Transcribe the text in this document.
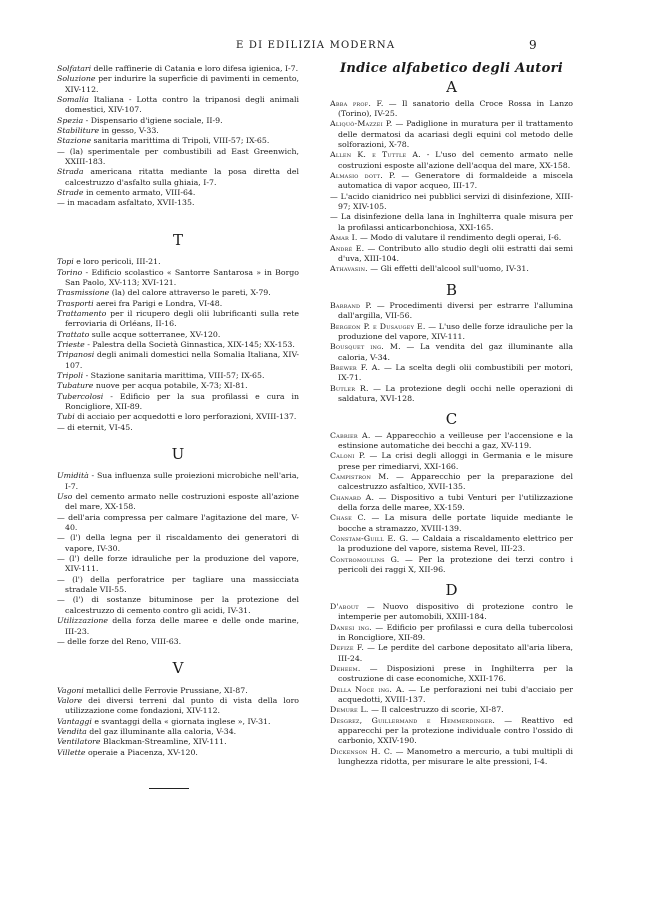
E DI EDILIZIA MODERNA	9

Solfatari delle raffinerie di Catania e loro difesa igienica, I-7.

Soluzione per indurire la superficie di pavimenti in cemento, XIV-112.

Somalia Italiana - Lotta contro la tripanosi degli animali domestici, XIV-107.

Spezia - Dispensario d'igiene sociale, II-9.

Stabiliture in gesso, V-33.

Stazione sanitaria marittima di Tripoli, VIII-57; IX-65.

— (la) sperimentale per combustibili ad East Greenwich, XXIII-183.

Strada americana ritatta mediante la posa diretta del calcestruzzo d'asfalto sulla ghiaia, I-7.

Strade in cemento armato, VIII-64.

— in macadam asfaltato, XVII-135.

T

Topi e loro pericoli, III-21.

Torino - Edificio scolastico « Santorre Santarosa » in Borgo San Paolo, XV-113; XVI-121.

Trasmissione (la) del calore attraverso le pareti, X-79.

Trasporti aerei fra Parigi e Londra, VI-48.

Trattamento per il ricupero degli olii lubrificanti sulla rete ferroviaria di Orléans, II-16.

Trattato sulle acque sotterranee, XV-120.

Trieste - Palestra della Società Ginnastica, XIX-145; XX-153.

Tripanosi degli animali domestici nella Somalia Italiana, XIV-107.

Tripoli - Stazione sanitaria marittima, VIII-57; IX-65.

Tubature nuove per acqua potabile, X-73; XI-81.

Tubercolosi - Edificio per la sua profilassi e cura in Roncigliore, XII-89.

Tubi di acciaio per acquedotti e loro perforazioni, XVIII-137.

— di eternit, VI-45.

U

Umidità - Sua influenza sulle proiezioni microbiche nell'aria, I-7.

Uso del cemento armato nelle costruzioni esposte all'azione del mare, XX-158.

— dell'aria compressa per calmare l'agitazione del mare, V-40.

— (l') della legna per il riscaldamento dei generatori di vapore, IV-30.

— (l') delle forze idrauliche per la produzione del vapore, XIV-111.

— (l') della perforatrice per tagliare una massicciata stradale VII-55.

— (l') di sostanze bituminose per la protezione del calcestruzzo di cemento contro gli acidi, IV-31.

Utilizzazione della forza delle maree e delle onde marine, III-23.

— delle forze del Reno, VIII-63.

V

Vagoni metallici delle Ferrovie Prussiane, XI-87.

Valore dei diversi terreni dal punto di vista della loro utilizzazione come fondazioni, XIV-112.

Vantaggi e svantaggi della « giornata inglese », IV-31.

Vendita del gaz illuminante alla caloria, V-34.

Ventilatore Blackman-Streamline, XIV-111.

Villette operaie a Piacenza, XV-120.

Indice alfabetico degli Autori
A

Abba prof. F. — Il sanatorio della Croce Rossa in Lanzo (Torino), IV-25.

Aliquò-Mazzei P. — Padiglione in muratura per il trattamento delle dermatosi da acariasi degli equini col metodo delle solforazioni, X-78.

Allen K. e Tuttle A. - L'uso del cemento armato nelle costruzioni esposte all'azione dell'acqua del mare, XX-158.

Almasio dott. P. — Generatore di formaldeide a miscela automatica di vapor acqueo, III-17.

— L'acido cianidrico nei pubblici servizi di disinfezione, XIII-97; XIV-105.

— La disinfezione della lana in Inghilterra quale misura per la profilassi anticarbonchiosa, XXI-165.

Amar I. — Modo di valutare il rendimento degli operai, I-6.

André E. — Contributo allo studio degli olii estratti dai semi d'uva, XIII-104.

Athavasin. — Gli effetti dell'alcool sull'uomo, IV-31.

B

Barrand P. — Procedimenti diversi per estrarre l'allumina dall'argilla, VII-56.

Bergeon P. e Dusaugey E. — L'uso delle forze idrauliche per la produzione del vapore, XIV-111.

Bousquet ing. M. — La vendita del gaz illuminante alla caloria, V-34.

Brewer F. A. — La scelta degli olii combustibili per motori, IX-71.

Butler R. — La protezione degli occhi nelle operazioni di saldatura, XVI-128.

C

Cabrier A. — Apparecchio a veilleuse per l'accensione e la estinsione automatiche dei becchi a gaz, XV-119.

Caloni P. — La crisi degli alloggi in Germania e le misure prese per rimediarvi, XXI-166.

Campistron M. — Apparecchio per la preparazione del calcestruzzo asfaltico, XVII-135.

Chanard A. — Dispositivo a tubi Venturi per l'utilizzazione della forza delle maree, XX-159.

Chase C. — La misura delle portate liquide mediante le bocche a stramazzo, XVIII-139.

Constam-Guill E. G. — Caldaia a riscaldamento elettrico per la produzione del vapore, sistema Revel, III-23.

Contromoulins G. — Per la protezione dei terzi contro i pericoli dei raggi X, XII-96.

D

D'about — Nuovo dispositivo di protezione contro le intemperie per automobili, XXIII-184.

Danesi ing. — Edificio per profilassi e cura della tubercolosi in Roncigliore, XII-89.

Defize F. — Le perdite del carbone depositato all'aria libera, III-24.

Deheem. — Disposizioni prese in Inghilterra per la costruzione di case economiche, XXII-176.

Della Noce ing. A. — Le perforazioni nei tubi d'acciaio per acquedotti, XVIII-137.

Demure L. — Il calcestruzzo di scorie, XI-87.

Desgrez, Guillermand e Hemmerdinger. — Reattivo ed apparecchi per la protezione individuale contro l'ossido di carbonio, XXIV-190.

Dickenson H. C. — Manometro a mercurio, a tubi multipli di lunghezza ridotta, per misurare le alte pressioni, I-4.
